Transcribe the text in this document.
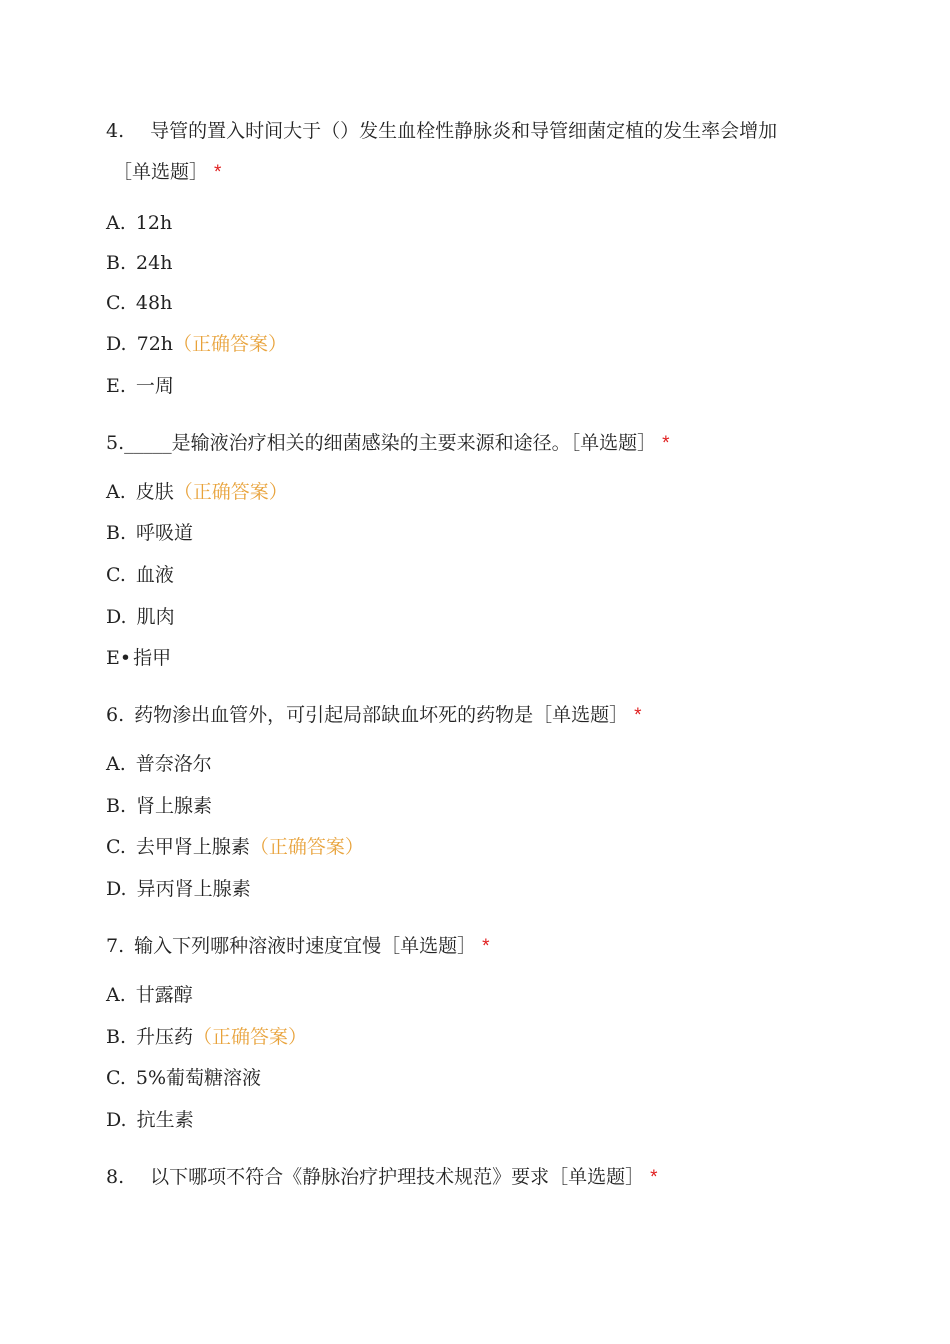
4. 导管的置入时间大于（）发生血栓性静脉炎和导管细菌定植的发生率会增加
［单选题］ *
A. 12h
B. 24h
C. 48h
D. 72h（正确答案）
E. 一周
5._____是输液治疗相关的细菌感染的主要来源和途径。［单选题］ *
A. 皮肤（正确答案）
B. 呼吸道
C. 血液
D. 肌肉
E• 指甲
6. 药物渗出血管外，可引起局部缺血坏死的药物是［单选题］ *
A. 普奈洛尔
B. 肾上腺素
C. 去甲肾上腺素（正确答案）
D. 异丙肾上腺素
7. 输入下列哪种溶液时速度宜慢［单选题］ *
A. 甘露醇
B. 升压药（正确答案）
C. 5%葡萄糖溶液
D. 抗生素
8. 以下哪项不符合《静脉治疗护理技术规范》要求［单选题］ *
